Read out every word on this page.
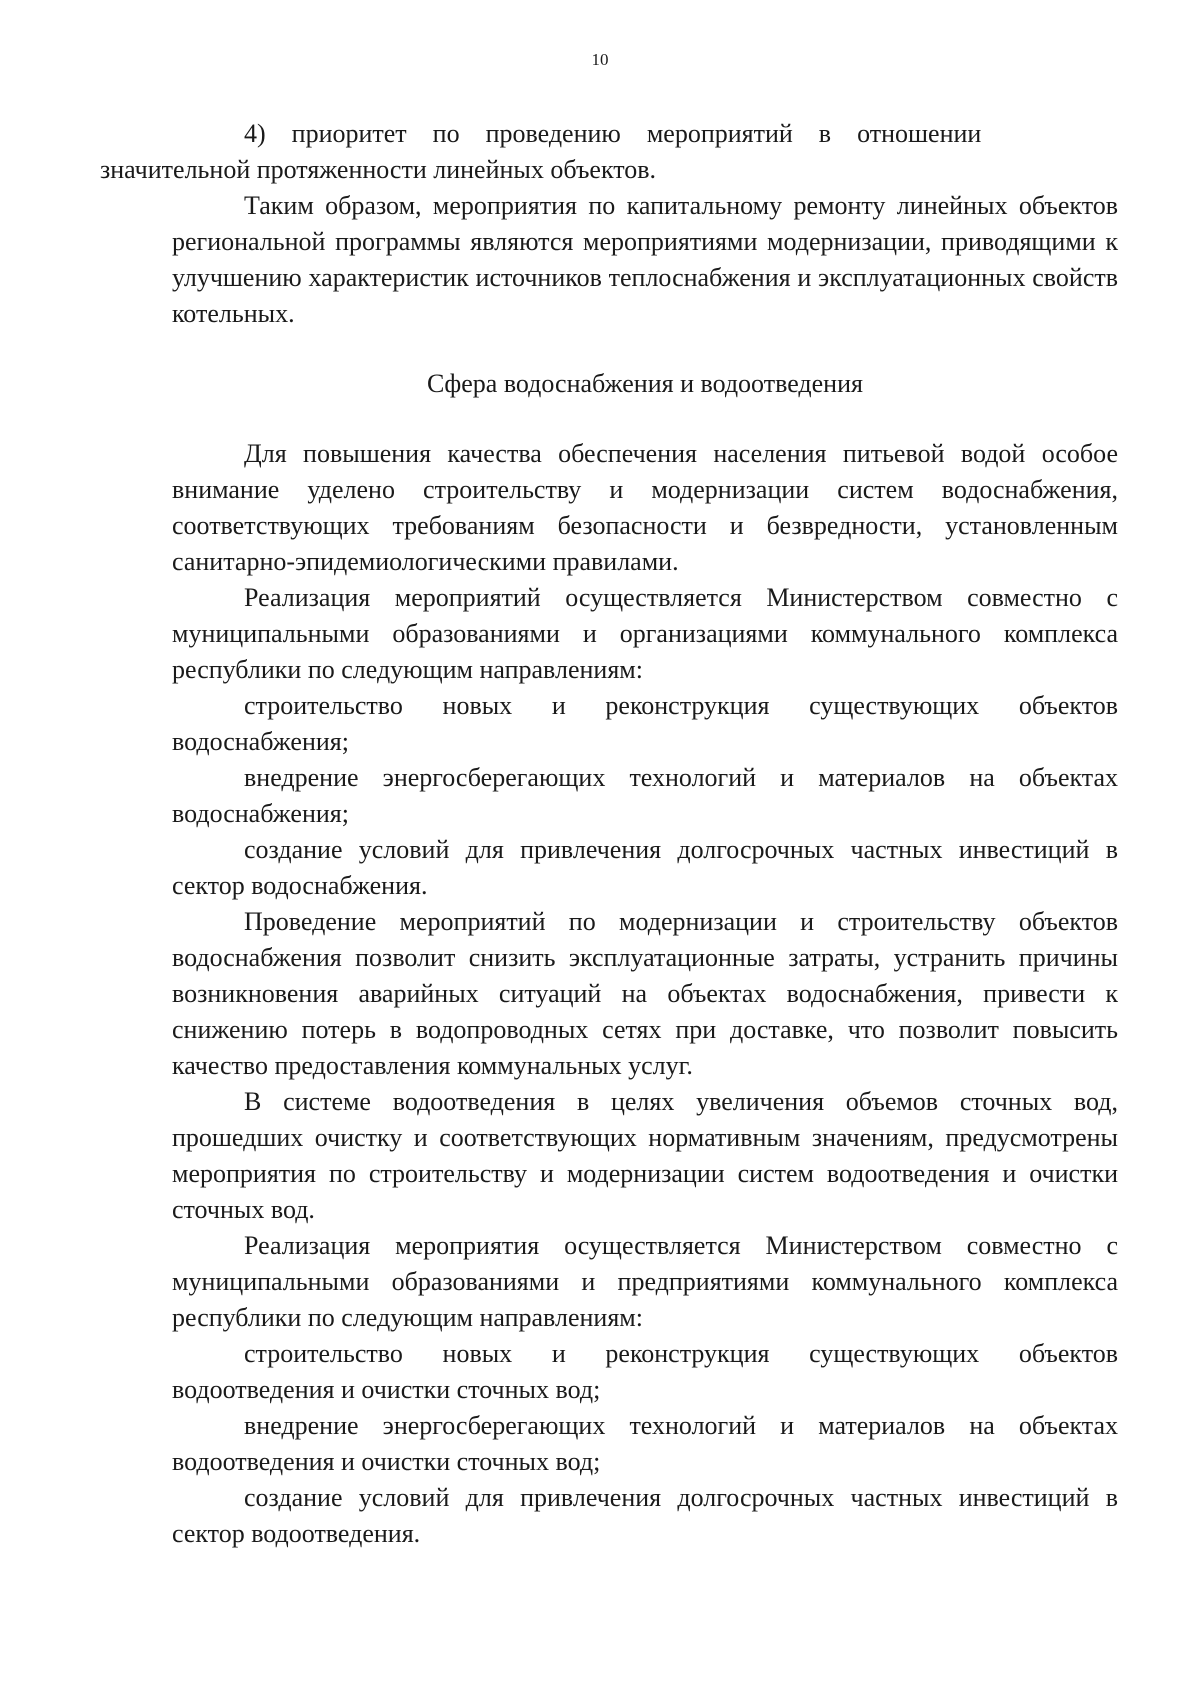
10

4) приоритет по проведению мероприятий в отношении
значительной протяженности линейных объектов.

Таким образом, мероприятия по капитальному ремонту линейных объектов региональной программы являются мероприятиями модернизации, приводящими к улучшению характеристик источников теплоснабжения и эксплуатационных свойств котельных.

Сфера водоснабжения и водоотведения

Для повышения качества обеспечения населения питьевой водой особое внимание уделено строительству и модернизации систем водоснабжения, соответствующих требованиям безопасности и безвредности, установленным санитарно-эпидемиологическими правилами.

Реализация мероприятий осуществляется Министерством совместно с муниципальными образованиями и организациями коммунального комплекса республики по следующим направлениям:

строительство новых и реконструкция существующих объектов водоснабжения;

внедрение энергосберегающих технологий и материалов на объектах водоснабжения;

создание условий для привлечения долгосрочных частных инвестиций в сектор водоснабжения.

Проведение мероприятий по модернизации и строительству объектов водоснабжения позволит снизить эксплуатационные затраты, устранить причины возникновения аварийных ситуаций на объектах водоснабжения, привести к снижению потерь в водопроводных сетях при доставке, что позволит повысить качество предоставления коммунальных услуг.

В системе водоотведения в целях увеличения объемов сточных вод, прошедших очистку и соответствующих нормативным значениям, предусмотрены мероприятия по строительству и модернизации систем водоотведения и очистки сточных вод.

Реализация мероприятия осуществляется Министерством совместно с муниципальными образованиями и предприятиями коммунального комплекса республики по следующим направлениям:

строительство новых и реконструкция существующих объектов водоотведения и очистки сточных вод;

внедрение энергосберегающих технологий и материалов на объектах водоотведения и очистки сточных вод;

создание условий для привлечения долгосрочных частных инвестиций в сектор водоотведения.
